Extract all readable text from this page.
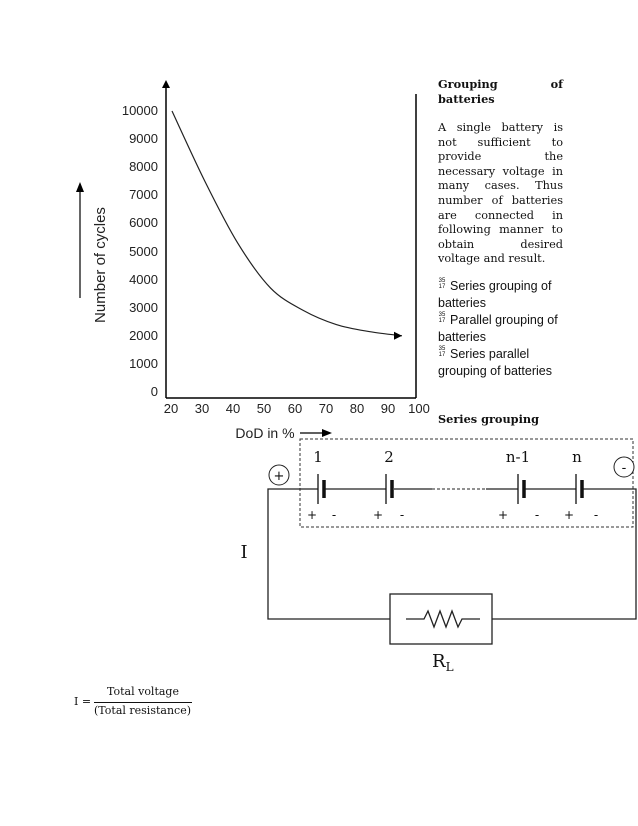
Number of cycles
DoD in %
0
1000
2000
3000
4000
5000
6000
7000
8000
9000
10000
20	30	40	50	60	70	80	90 100
Grouping of batteries
A single battery is not sufficient to provide the necessary voltage in many cases. Thus number of batteries are connected in following manner to obtain desired voltage and result.
35
17 Series grouping of batteries
35
17 Parallel grouping of batteries
35
17 Series parallel grouping of batteries
Series grouping
1	2	n-1	n
+ -	+ -	+ - + -
+
-
I
$R_L$
I =
Total voltage
(Total resistance)
